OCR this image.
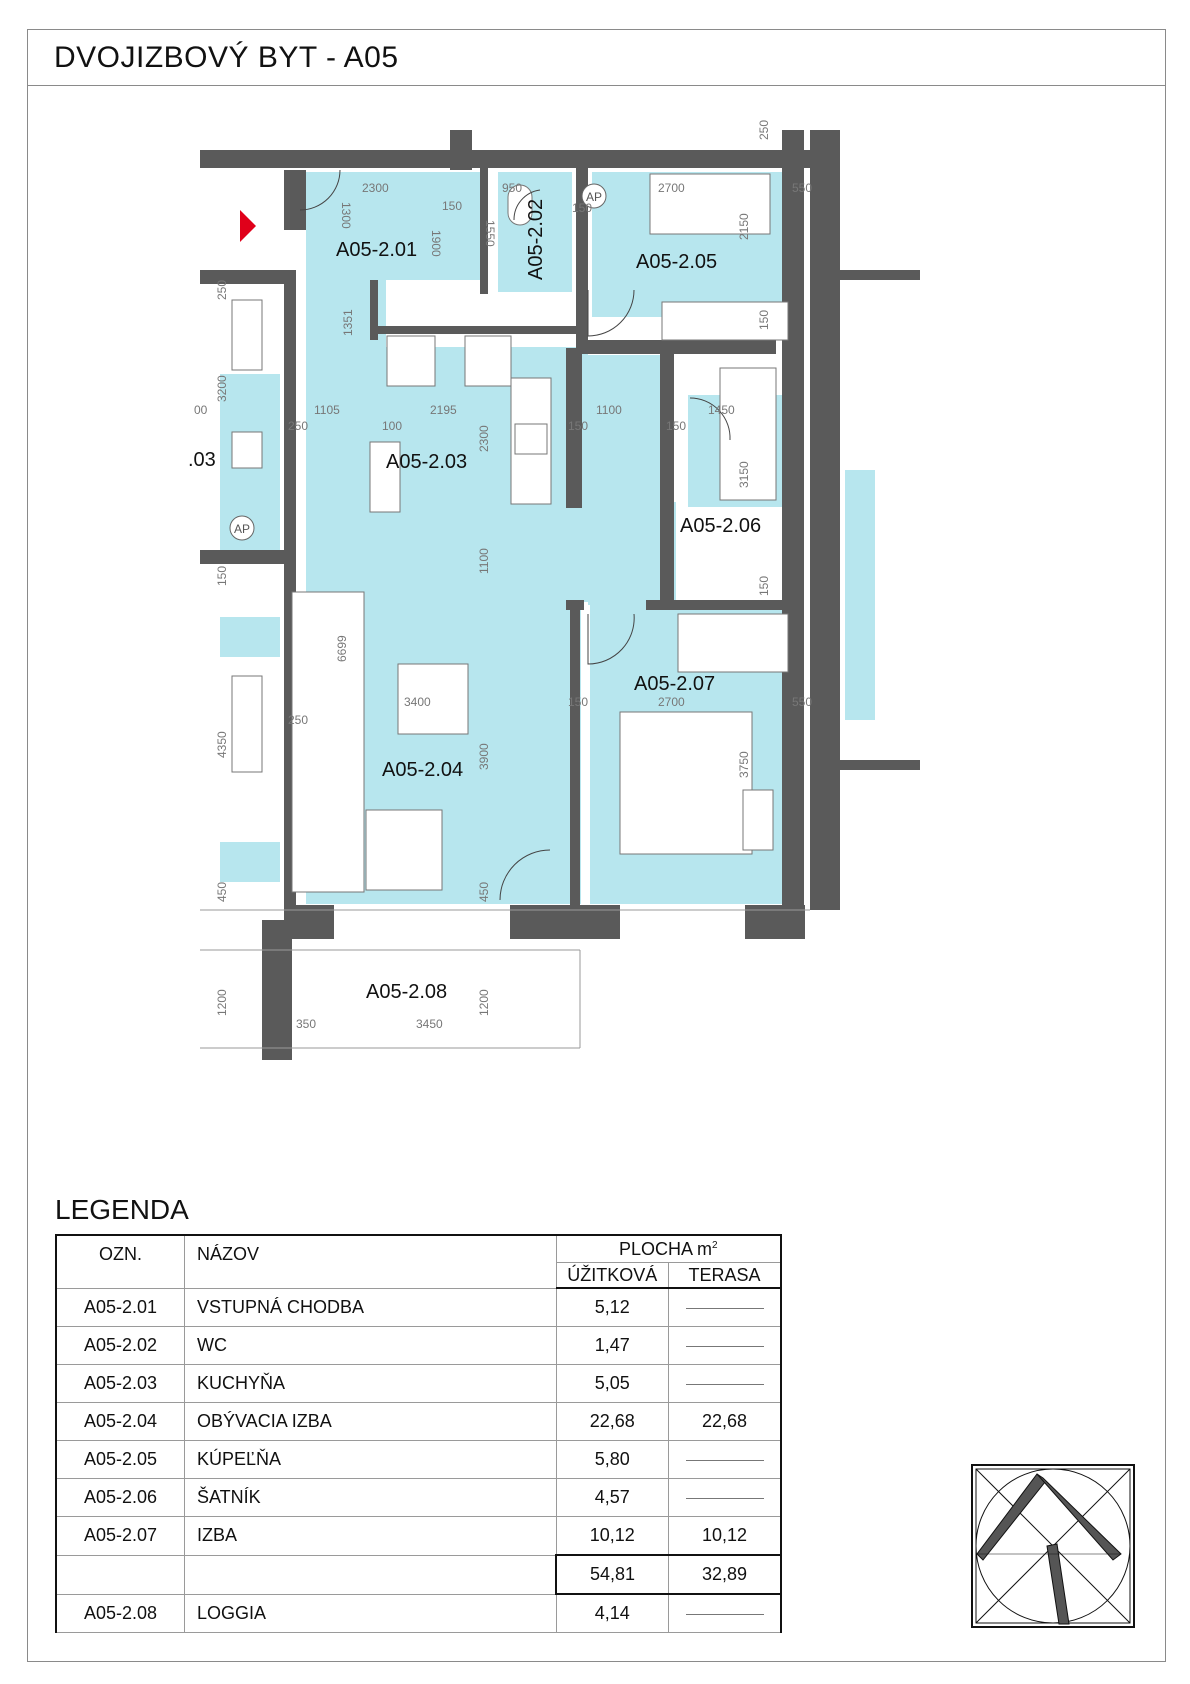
DVOJIZBOVÝ BYT - A05
A05-2.01	A05-2.02
A05-2.03
A05-2.04
A05-2.05
A05-2.06
A05-2.07
A05-2.08
.03
AP
AP
2300
150
1300
1900
950
1550
150
2700	550
2150
150
250
250
1351
3200
00	1105	2195	1100	1450
250	100	2300	150	150
3150
1100
150	150
6699
3400
4350
250
150	2700	550
3900	3750
450	450
1200	1200
350	3450
LEGENDA
OZN.	NÁZOV	PLOCHA $m^2$
		ÚŽITKOVÁ	TERASA
A05-2.01	VSTUPNÁ CHODBA	5,12	
A05-2.02	WC	1,47	
A05-2.03	KUCHYŇA	5,05	
A05-2.04	OBÝVACIA IZBA	22,68	22,68
A05-2.05	KÚPEĽŇA	5,80	
A05-2.06	ŠATNÍK	4,57	
A05-2.07	IZBA	10,12	10,12
		54,81	32,89
A05-2.08	LOGGIA	4,14	
